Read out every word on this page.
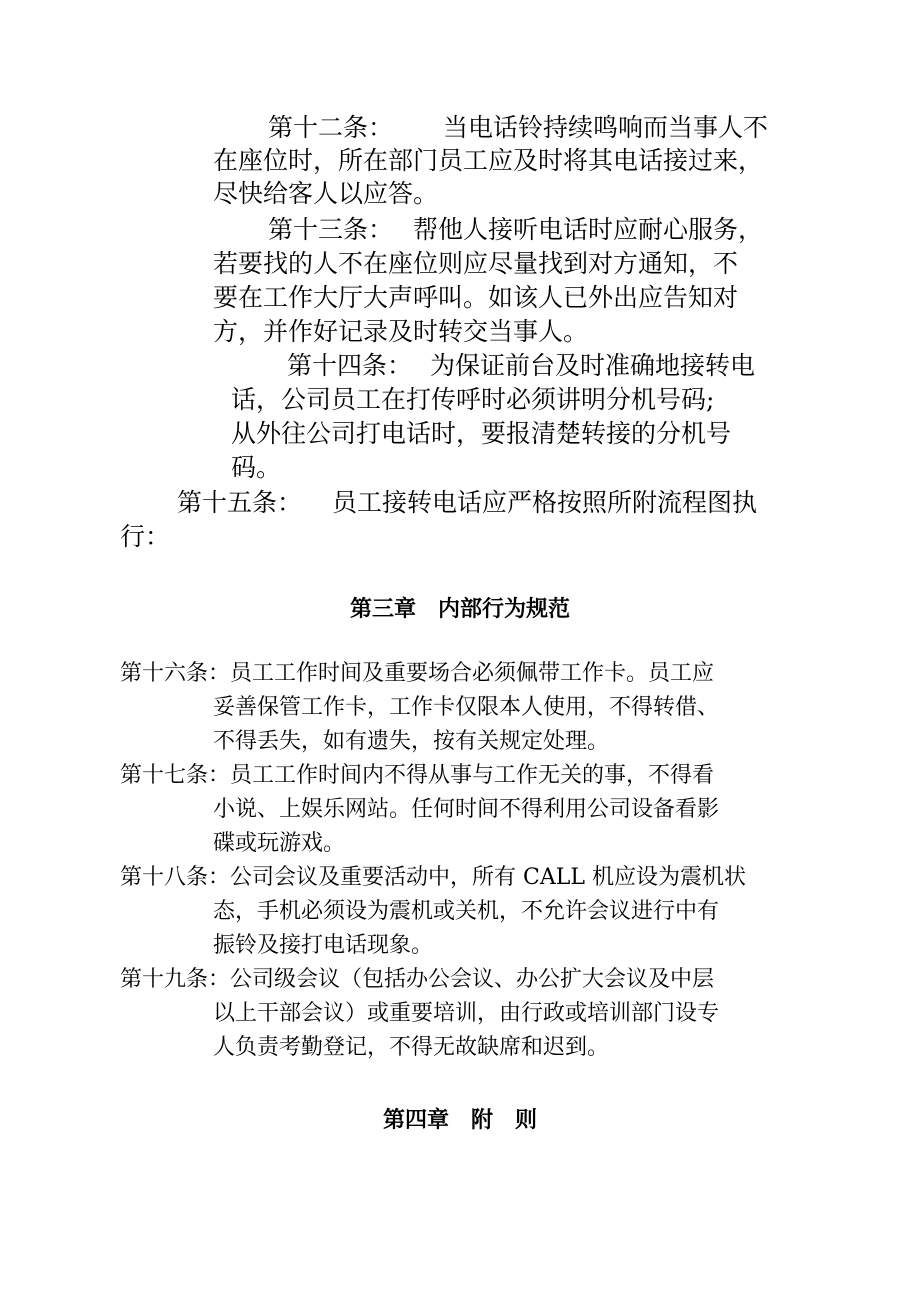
第十二条： 当电话铃持续鸣响而当事人不
在座位时，所在部门员工应及时将其电话接过来，
尽快给客人以应答。
第十三条： 帮他人接听电话时应耐心服务，
若要找的人不在座位则应尽量找到对方通知，不
要在工作大厅大声呼叫。如该人已外出应告知对
方，并作好记录及时转交当事人。
第十四条： 为保证前台及时准确地接转电
话，公司员工在打传呼时必须讲明分机号码;
从外往公司打电话时，要报清楚转接的分机号
码。
第十五条： 员工接转电话应严格按照所附流程图执
行：
第三章　内部行为规范
第十六条：员工工作时间及重要场合必须佩带工作卡。员工应
妥善保管工作卡，工作卡仅限本人使用，不得转借、
不得丢失，如有遗失，按有关规定处理。
第十七条：员工工作时间内不得从事与工作无关的事，不得看
小说、上娱乐网站。任何时间不得利用公司设备看影
碟或玩游戏。
第十八条：公司会议及重要活动中，所有 CALL 机应设为震机状
态，手机必须设为震机或关机，不允许会议进行中有
振铃及接打电话现象。
第十九条：公司级会议（包括办公会议、办公扩大会议及中层
以上干部会议）或重要培训，由行政或培训部门设专
人负责考勤登记，不得无故缺席和迟到。
第四章　附　则
